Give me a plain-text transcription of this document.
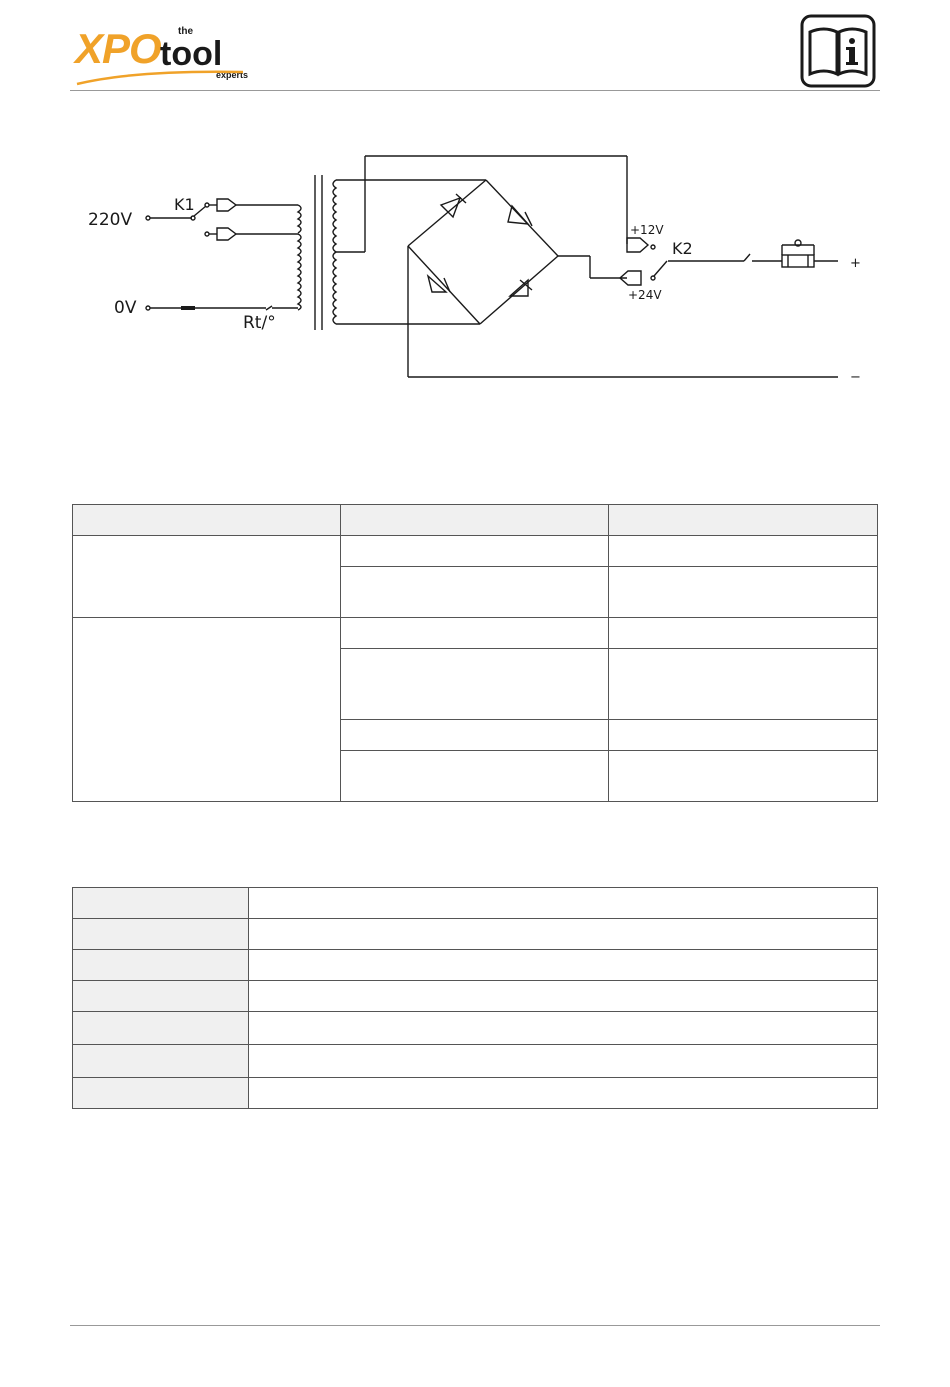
XPO the
tool
experts
220V
0V
K1
Rt/°
+12V
+24V
K2
+
−
